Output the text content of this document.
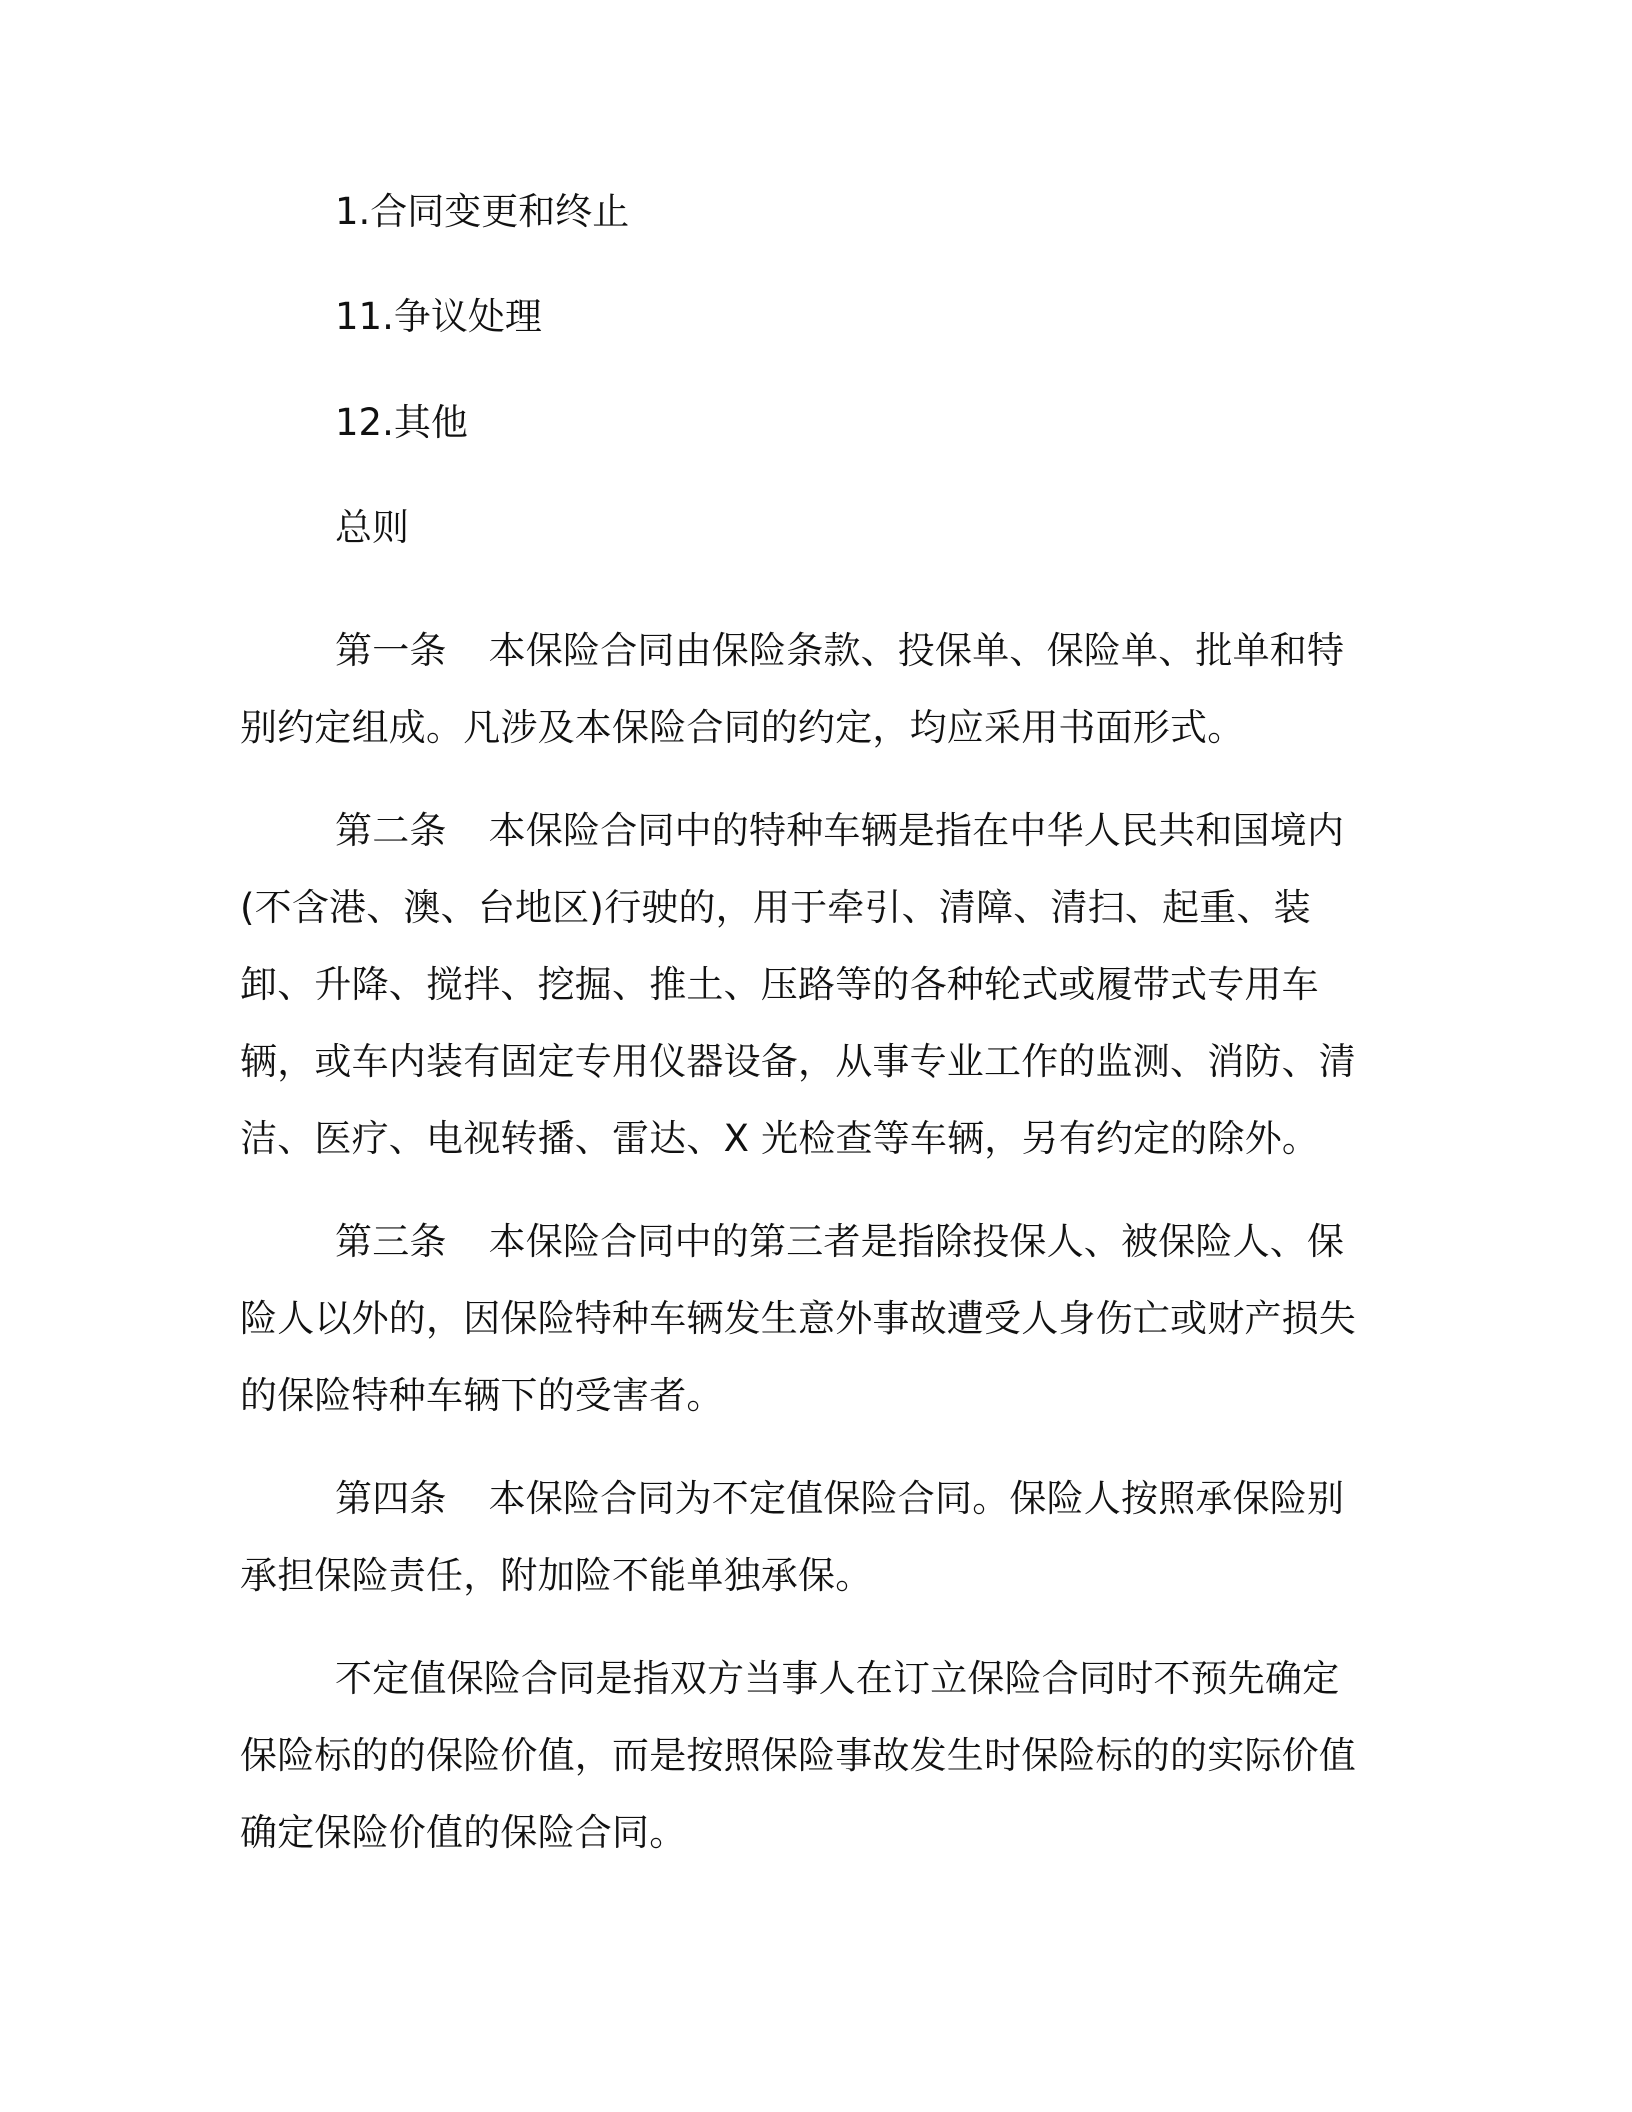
1.合同变更和终止
11.争议处理
12.其他
总则

第一条 本保险合同由保险条款、投保单、保险单、批单和特别约定组成。凡涉及本保险合同的约定，均应采用书面形式。

第二条 本保险合同中的特种车辆是指在中华人民共和国境内(不含港、澳、台地区)行驶的，用于牵引、清障、清扫、起重、装卸、升降、搅拌、挖掘、推土、压路等的各种轮式或履带式专用车辆，或车内装有固定专用仪器设备，从事专业工作的监测、消防、清洁、医疗、电视转播、雷达、X 光检查等车辆，另有约定的除外。

第三条 本保险合同中的第三者是指除投保人、被保险人、保险人以外的，因保险特种车辆发生意外事故遭受人身伤亡或财产损失的保险特种车辆下的受害者。

第四条 本保险合同为不定值保险合同。保险人按照承保险别承担保险责任，附加险不能单独承保。

不定值保险合同是指双方当事人在订立保险合同时不预先确定保险标的的保险价值，而是按照保险事故发生时保险标的的实际价值确定保险价值的保险合同。
